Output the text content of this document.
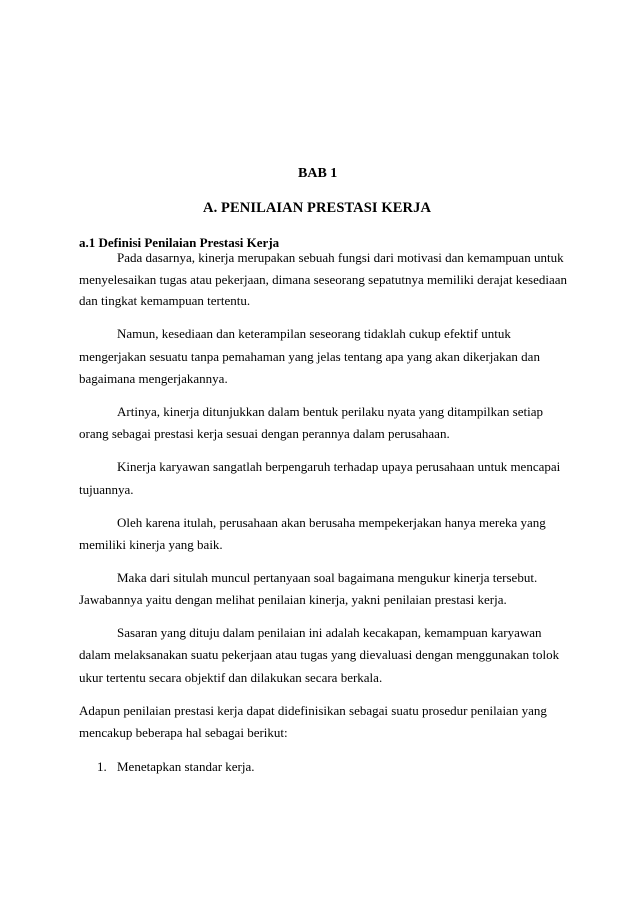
BAB 1
A. PENILAIAN PRESTASI KERJA
a.1 Definisi Penilaian Prestasi Kerja
Pada dasarnya, kinerja merupakan sebuah fungsi dari motivasi dan kemampuan untuk
menyelesaikan tugas atau pekerjaan, dimana seseorang sepatutnya memiliki derajat kesediaan
dan tingkat kemampuan tertentu.
Namun, kesediaan dan keterampilan seseorang tidaklah cukup efektif untuk
mengerjakan sesuatu tanpa pemahaman yang jelas tentang apa yang akan dikerjakan dan
bagaimana mengerjakannya.
Artinya, kinerja ditunjukkan dalam bentuk perilaku nyata yang ditampilkan setiap
orang sebagai prestasi kerja sesuai dengan perannya dalam perusahaan.
Kinerja karyawan sangatlah berpengaruh terhadap upaya perusahaan untuk mencapai
tujuannya.
Oleh karena itulah, perusahaan akan berusaha mempekerjakan hanya mereka yang
memiliki kinerja yang baik.
Maka dari situlah muncul pertanyaan soal bagaimana mengukur kinerja tersebut.
Jawabannya yaitu dengan melihat penilaian kinerja, yakni penilaian prestasi kerja.
Sasaran yang dituju dalam penilaian ini adalah kecakapan, kemampuan karyawan
dalam melaksanakan suatu pekerjaan atau tugas yang dievaluasi dengan menggunakan tolok
ukur tertentu secara objektif dan dilakukan secara berkala.
Adapun penilaian prestasi kerja dapat didefinisikan sebagai suatu prosedur penilaian yang
mencakup beberapa hal sebagai berikut:
1. Menetapkan standar kerja.
